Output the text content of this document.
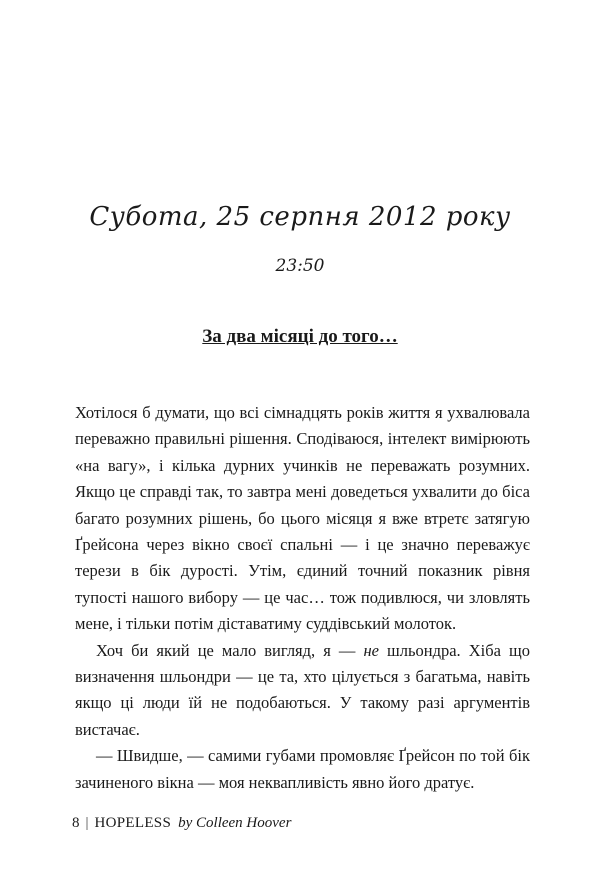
Субота, 25 серпня 2012 року
23:50
За два місяці до того…

Хотілося б думати, що всі сімнадцять років життя я ухвалювала переважно правильні рішення. Сподіваюся, інтелект вимірюють «на вагу», і кілька дурних учинків не переважать розумних. Якщо це справді так, то завтра мені доведеться ухвалити до біса багато розумних рішень, бо цього місяця я вже втретє затягую Ґрейсона через вікно своєї спальні — і це значно переважує терези в бік дурості. Утім, єдиний точний показник рівня тупості нашого вибору — це час… тож подивлюся, чи зловлять мене, і тільки потім діставатиму суддівський молоток.

Хоч би який це мало вигляд, я — не шльондра. Хіба що визначення шльондри — це та, хто цілується з багатьма, навіть якщо ці люди їй не подобаються. У такому разі аргументів вистачає.

— Швидше, — самими губами промовляє Ґрейсон по той бік зачиненого вікна — моя неквапливість явно його дратує.

8 | HOPELESS by Colleen Hoover
